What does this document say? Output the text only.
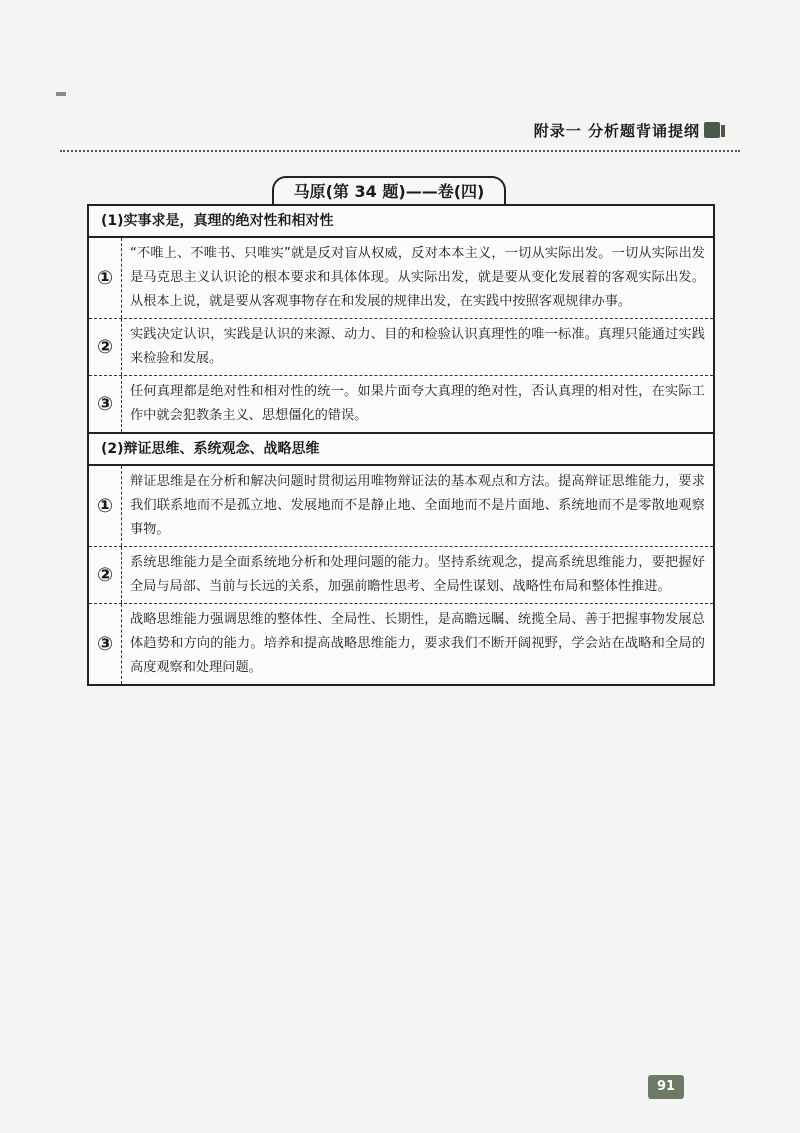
附录一 分析题背诵提纲
马原(第 34 题)——卷(四)
(1)实事求是，真理的绝对性和相对性
①
“不唯上、不唯书、只唯实”就是反对盲从权威，反对本本主义，一切从实际出发。一切从实际出发是马克思主义认识论的根本要求和具体体现。从实际出发，就是要从变化发展着的客观实际出发。从根本上说，就是要从客观事物存在和发展的规律出发，在实践中按照客观规律办事。
②
实践决定认识，实践是认识的来源、动力、目的和检验认识真理性的唯一标准。真理只能通过实践来检验和发展。
③
任何真理都是绝对性和相对性的统一。如果片面夸大真理的绝对性，否认真理的相对性，在实际工作中就会犯教条主义、思想僵化的错误。
(2)辩证思维、系统观念、战略思维
①
辩证思维是在分析和解决问题时贯彻运用唯物辩证法的基本观点和方法。提高辩证思维能力，要求我们联系地而不是孤立地、发展地而不是静止地、全面地而不是片面地、系统地而不是零散地观察事物。
②
系统思维能力是全面系统地分析和处理问题的能力。坚持系统观念，提高系统思维能力，要把握好全局与局部、当前与长远的关系，加强前瞻性思考、全局性谋划、战略性布局和整体性推进。
③
战略思维能力强调思维的整体性、全局性、长期性，是高瞻远瞩、统揽全局、善于把握事物发展总体趋势和方向的能力。培养和提高战略思维能力，要求我们不断开阔视野，学会站在战略和全局的高度观察和处理问题。
91
